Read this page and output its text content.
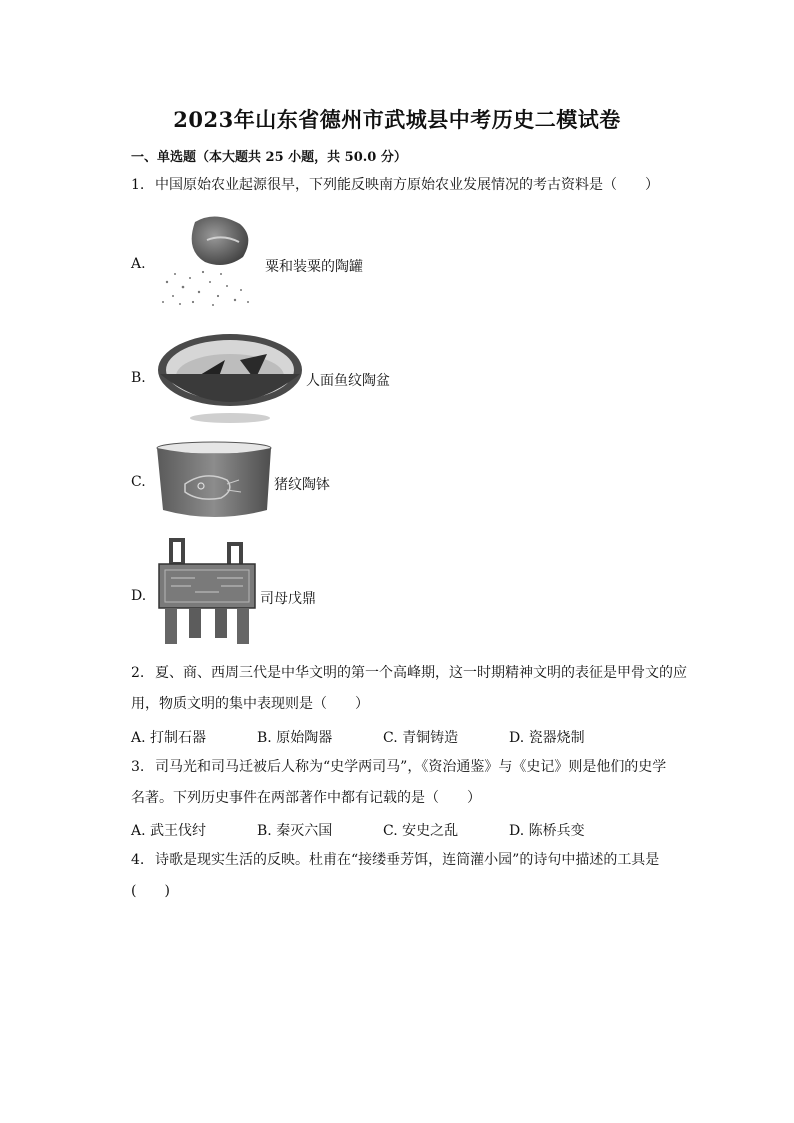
2023年山东省德州市武城县中考历史二模试卷
一、单选题（本大题共 25 小题，共 50.0 分）
1. 中国原始农业起源很早，下列能反映南方原始农业发展情况的考古资料是（　　）
A.	粟和装粟的陶罐
B.	人面鱼纹陶盆
C.	猪纹陶钵
D.	司母戊鼎
2. 夏、商、西周三代是中华文明的第一个高峰期，这一时期精神文明的表征是甲骨文的应
用，物质文明的集中表现则是（　　）
A. 打制石器	B. 原始陶器	C. 青铜铸造	D. 瓷器烧制
3. 司马光和司马迁被后人称为“史学两司马”，《资治通鉴》与《史记》则是他们的史学
名著。下列历史事件在两部著作中都有记载的是（　　）
A. 武王伐纣	B. 秦灭六国	C. 安史之乱	D. 陈桥兵变
4. 诗歌是现实生活的反映。杜甫在“接缕垂芳饵，连筒灌小园”的诗句中描述的工具是(　　)
